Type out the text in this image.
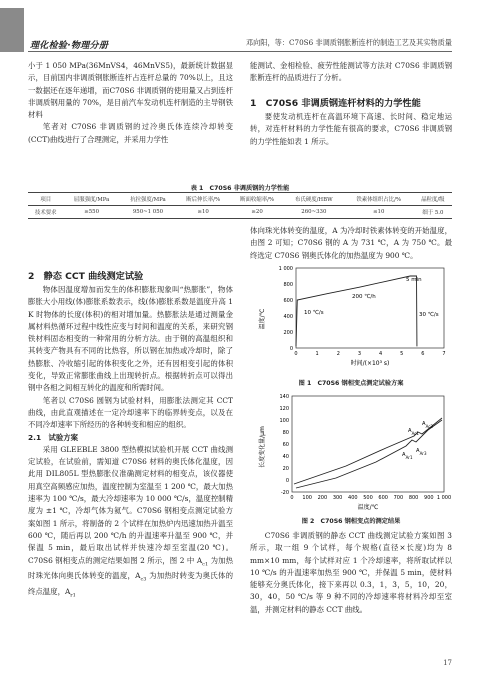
理化检验·物理分册	邓向阳，等：C70S6 非调质钢胀断连杆的制造工艺及其实物质量

小于 1 050 MPa(36MnVS4，46MnVS5)，最新统计数据显示，目前国内非调质钢胀断连杆占连杆总量的 70%以上，且这一数据还在逐年递增，而C70S6 非调质钢的使用量又占到连杆非调质钢用量的 70%，是目前汽车发动机连杆制造的主导钢铁材料

笔者对 C70S6 非调质钢的过冷奥氏体连续冷却转变(CCT)曲线进行了合理测定，并采用力学性

能测试、金相检验、疲劳性能测试等方法对 C70S6 非调质钢胀断连杆的品质进行了分析。

1　C70S6 非调质钢连杆材料的力学性能

要使发动机连杆在高温环境下高速、长时间、稳定地运转，对连杆材料的力学性能有很高的要求，C70S6 非调质钢的力学性能如表 1 所示。

表 1　C70S6 非调质钢的力学性能
项目	屈服强度/MPa	抗拉强度/MPa	断后伸长率/%	断面收缩率/%	布氏硬度/HBW	铁素体组织占比/%	晶粒度/级
技术要求	≥550	950~1 050	≥10	≥20	260~330	≤10	细于 5.0
2　静态 CCT 曲线测定试验

物体因温度增加而发生的体积膨胀现象叫“热膨胀”，物体膨胀大小用线(体)膨胀系数表示，线(体)膨胀系数是温度升高 1 K 时物体的长度(体积)的相对增加量。热膨胀法是通过测量金属材料热循环过程中线性应变与时间和温度的关系，来研究钢铁材料固态相变的一种常用的分析方法。由于钢的高温组织和其转变产物具有不同的比热容，所以钢在加热或冷却时，除了热膨胀、冷收缩引起的体积变化之外，还有因相变引起的体积变化，导致正常膨胀曲线上出现转折点。根据转折点可以得出钢中各相之间相互转化的温度和所需时间。

笔者以 C70S6 圆钢为试验材料，用膨胀法测定其 CCT 曲线，由此直观描述在一定冷却速率下的临界转变点，以及在不同冷却速率下所经历的各种转变和相应的组织。

2.1　试验方案

采用 GLEEBLE 3800 型热模拟试验机开展 CCT 曲线测定试验，在试验前，需知道 C70S6 材料的奥氏体化温度，因此用 DIL805L 型热膨胀仪准确测定材料的相变点，该仪器使用真空高频感应加热，温度控制为室温至 1 200 ℃，最大加热速率为 100 ℃/s，最大冷却速率为 10 000 ℃/s，温度控制精度为 ±1 ℃，冷却气体为氦气。C70S6 钢相变点测定试验方案如图 1 所示，将制备的 2 个试样在加热炉内迅速加热升温至 600 ℃，随后再以 200 ℃/h 的升温速率升温至 900 ℃，并保温 5 min，最后取出试样并快速冷却至室温(20 ℃)。C70S6 钢相变点的测定结果如图 2 所示，图 2 中 $A_{c1}$ 为加热时珠光体向奥氏体转变的温度，$A_{c3}$ 为加热时转变为奥氏体的终点温度，$A_{r1}$

体向珠光体转变的温度，A 为冷却时铁素体转变的开始温度，由图 2 可知；C70S6 钢的 A 为 731 ℃，A 为 750 ℃。最终选定 C70S6 钢奥氏体化的加热温度为 900 ℃。

温度/℃
0
200
400
600
800
1 000
0	1	2	3	4	5	6	7
5 min
200 ℃/h
30 ℃/s
10 ℃/s
时间/(×10³ s)
图 1　C70S6 钢相变点测定试验方案
长度变化量/μm
-20
0
20
40
60
80
100
120
140
0 100 200 300 400 500 600 700 800 900 1 000
$A_{Ac3}$
$A_{Ac1}$
$A_{Ar3}$
$A_{Ar1}$
温度/℃
图 2　C70S6 钢相变点的测定结果

C70S6 非调质钢的静态 CCT 曲线测定试验方案如图 3 所示，取一组 9 个试样，每个规格(直径×长度)均为 8 mm×10 mm，每个试样对应 1 个冷却速率，将所取试样以 10 ℃/s 的升温速率加热至 900 ℃，并保温 5 min，使材料能够充分奥氏体化，接下来再以 0.3，1，3，5，10，20，30，40，50 ℃/s 等 9 种不同的冷却速率将材料冷却至室温，并测定材料的静态 CCT 曲线。

17
